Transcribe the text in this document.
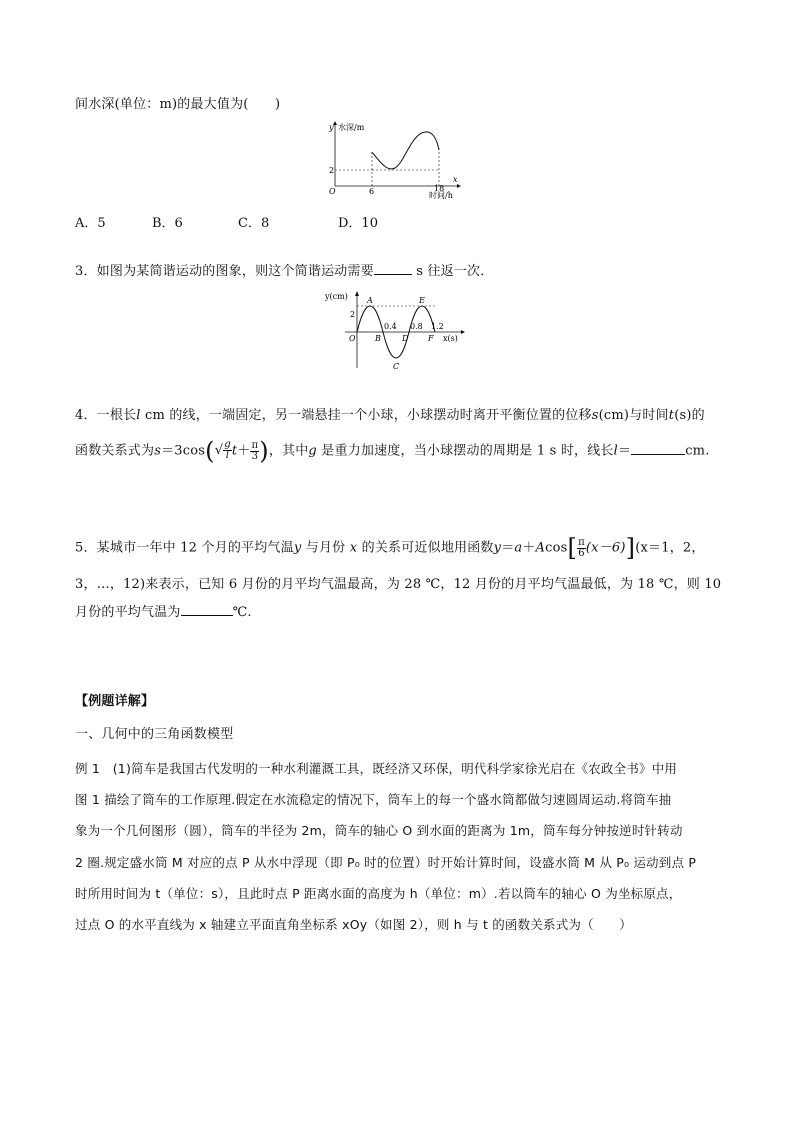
间水深(单位：m)的最大值为(　　)
y 水深/m
x
O
2
6	18
时间/h
A．5	B．6	C．8	D．10
3．如图为某简谐运动的图象，则这个简谐运动需要	s 往返一次．
y(cm)
2
O
A
B
0.4
C
D
0.8
E
F
1.2
x(s)
4．一根长l cm 的线，一端固定，另一端悬挂一个小球，小球摆动时离开平衡位置的位移s(cm)与时间t(s)的
函数关系式为$s=3\cos(√ \frac{g}{l} t+ \frac{\pi}{3}$ )，其中g 是重力加速度，当小球摆动的周期是 1 s 时，线长l＝	cm.
5．某城市一年中 12 个月的平均气温y 与月份 x 的关系可近似地用函数$y=a+Acos[ \frac{\pi}{6} (x-6)](x=1$，2，
3，…，12)来表示，已知 6 月份的月平均气温最高，为 28 ℃，12 月份的月平均气温最低，为 18 ℃，则 10
月份的平均气温为	℃.
【例题详解】
一、几何中的三角函数模型
例 1　(1)简车是我国古代发明的一种水利灌溉工具，既经济又环保，明代科学家徐光启在《农政全书》中用
图 1 描绘了筒车的工作原理.假定在水流稳定的情况下，筒车上的每一个盛水筒都做匀速圆周运动.将筒车抽
象为一个几何图形（圆），筒车的半径为 2m，筒车的轴心 O 到水面的距离为 1m，筒车每分钟按逆时针转动
2 圈.规定盛水筒 M 对应的点 P 从水中浮现（即 P₀ 时的位置）时开始计算时间，设盛水筒 M 从 P₀ 运动到点 P
时所用时间为 t（单位：s），且此时点 P 距离水面的高度为 h（单位：m）.若以筒车的轴心 O 为坐标原点，
过点 O 的水平直线为 x 轴建立平面直角坐标系 xOy（如图 2），则 h 与 t 的函数关系式为（　　）
